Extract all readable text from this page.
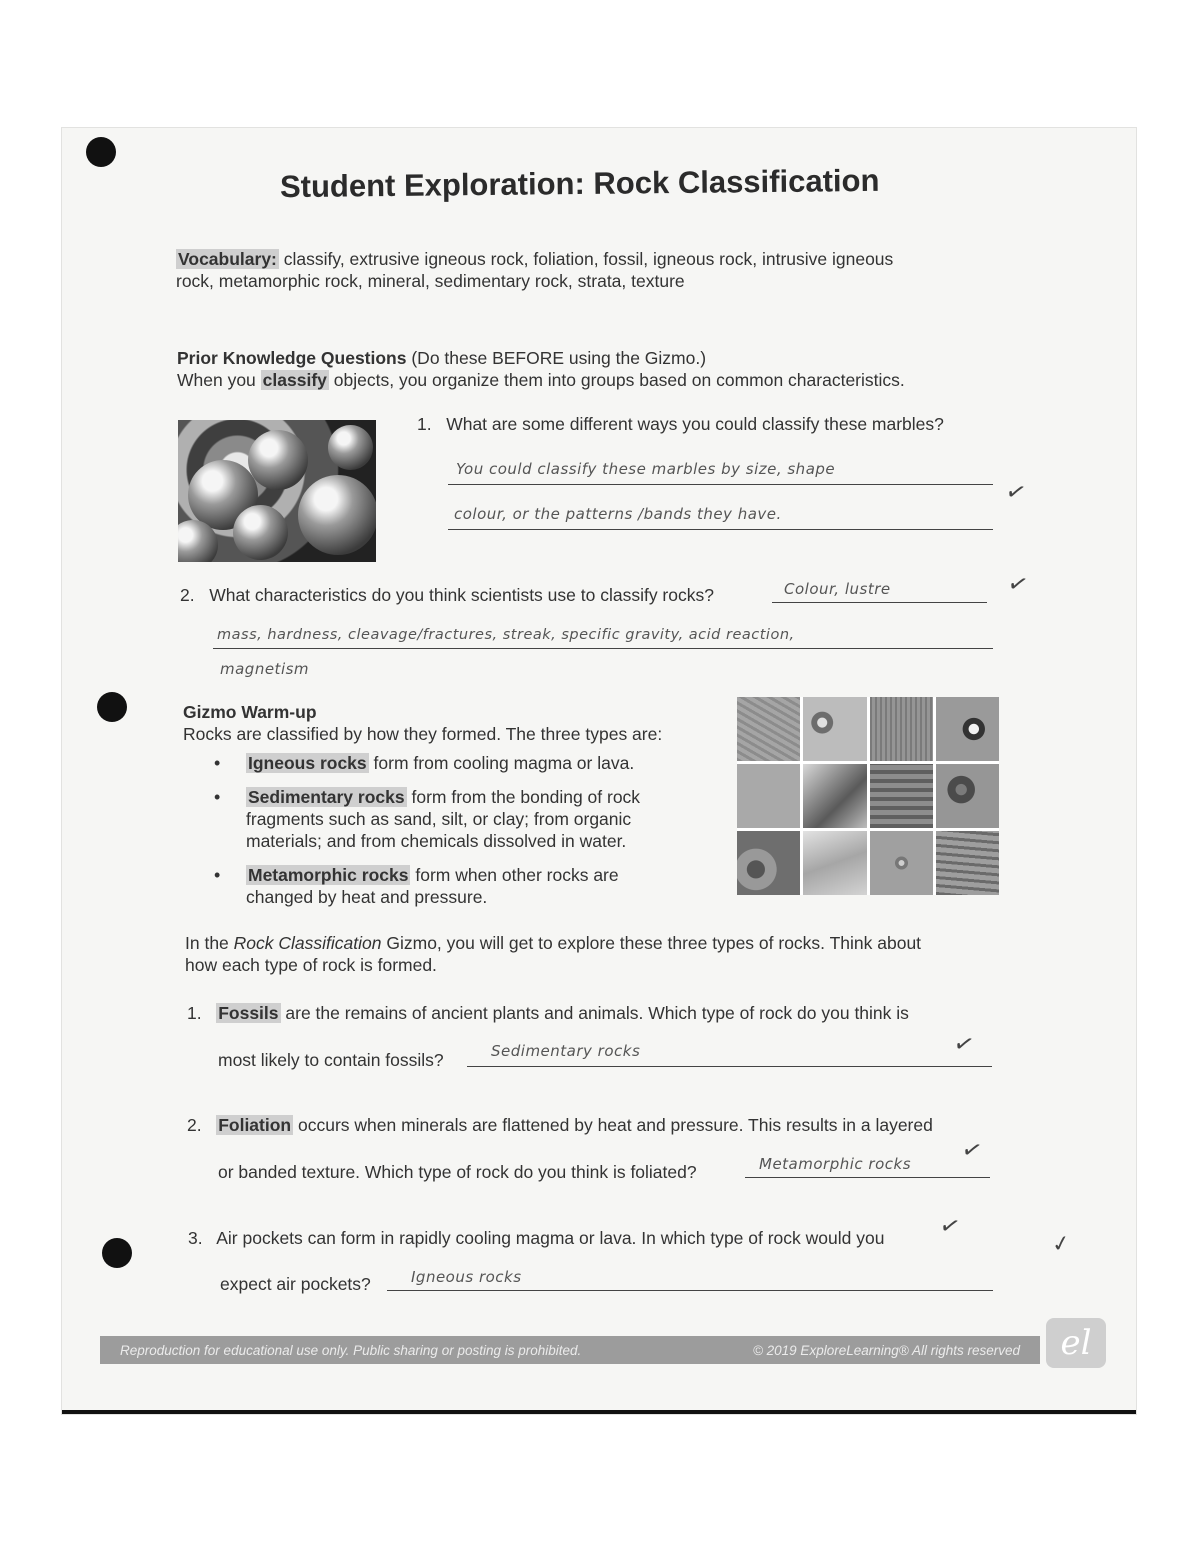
Student Exploration: Rock Classification
Vocabulary: classify, extrusive igneous rock, foliation, fossil, igneous rock, intrusive igneous
rock, metamorphic rock, mineral, sedimentary rock, strata, texture
Prior Knowledge Questions (Do these BEFORE using the Gizmo.)
When you classify objects, you organize them into groups based on common characteristics.
1. What are some different ways you could classify these marbles?
You could classify these marbles by size, shape
✓
colour, or the patterns /bands they have.
2. What characteristics do you think scientists use to classify rocks?	Colour, lustre	✓
mass, hardness, cleavage/fractures, streak, specific gravity, acid reaction,
magnetism
Gizmo Warm-up
Rocks are classified by how they formed. The three types are:
•	Igneous rocks form from cooling magma or lava.
•	Sedimentary rocks form from the bonding of rock
fragments such as sand, silt, or clay; from organic
materials; and from chemicals dissolved in water.
•	Metamorphic rocks form when other rocks are
changed by heat and pressure.
In the Rock Classification Gizmo, you will get to explore these three types of rocks. Think about
how each type of rock is formed.
1. Fossils are the remains of ancient plants and animals. Which type of rock do you think is
most likely to contain fossils?	Sedimentary rocks	✓
2. Foliation occurs when minerals are flattened by heat and pressure. This results in a layered
or banded texture. Which type of rock do you think is foliated?	Metamorphic rocks	✓
3. Air pockets can form in rapidly cooling magma or lava. In which type of rock would you	✓
✓
expect air pockets?	Igneous rocks
Reproduction for educational use only. Public sharing or posting is prohibited.	© 2019 ExploreLearning® All rights reserved	el
